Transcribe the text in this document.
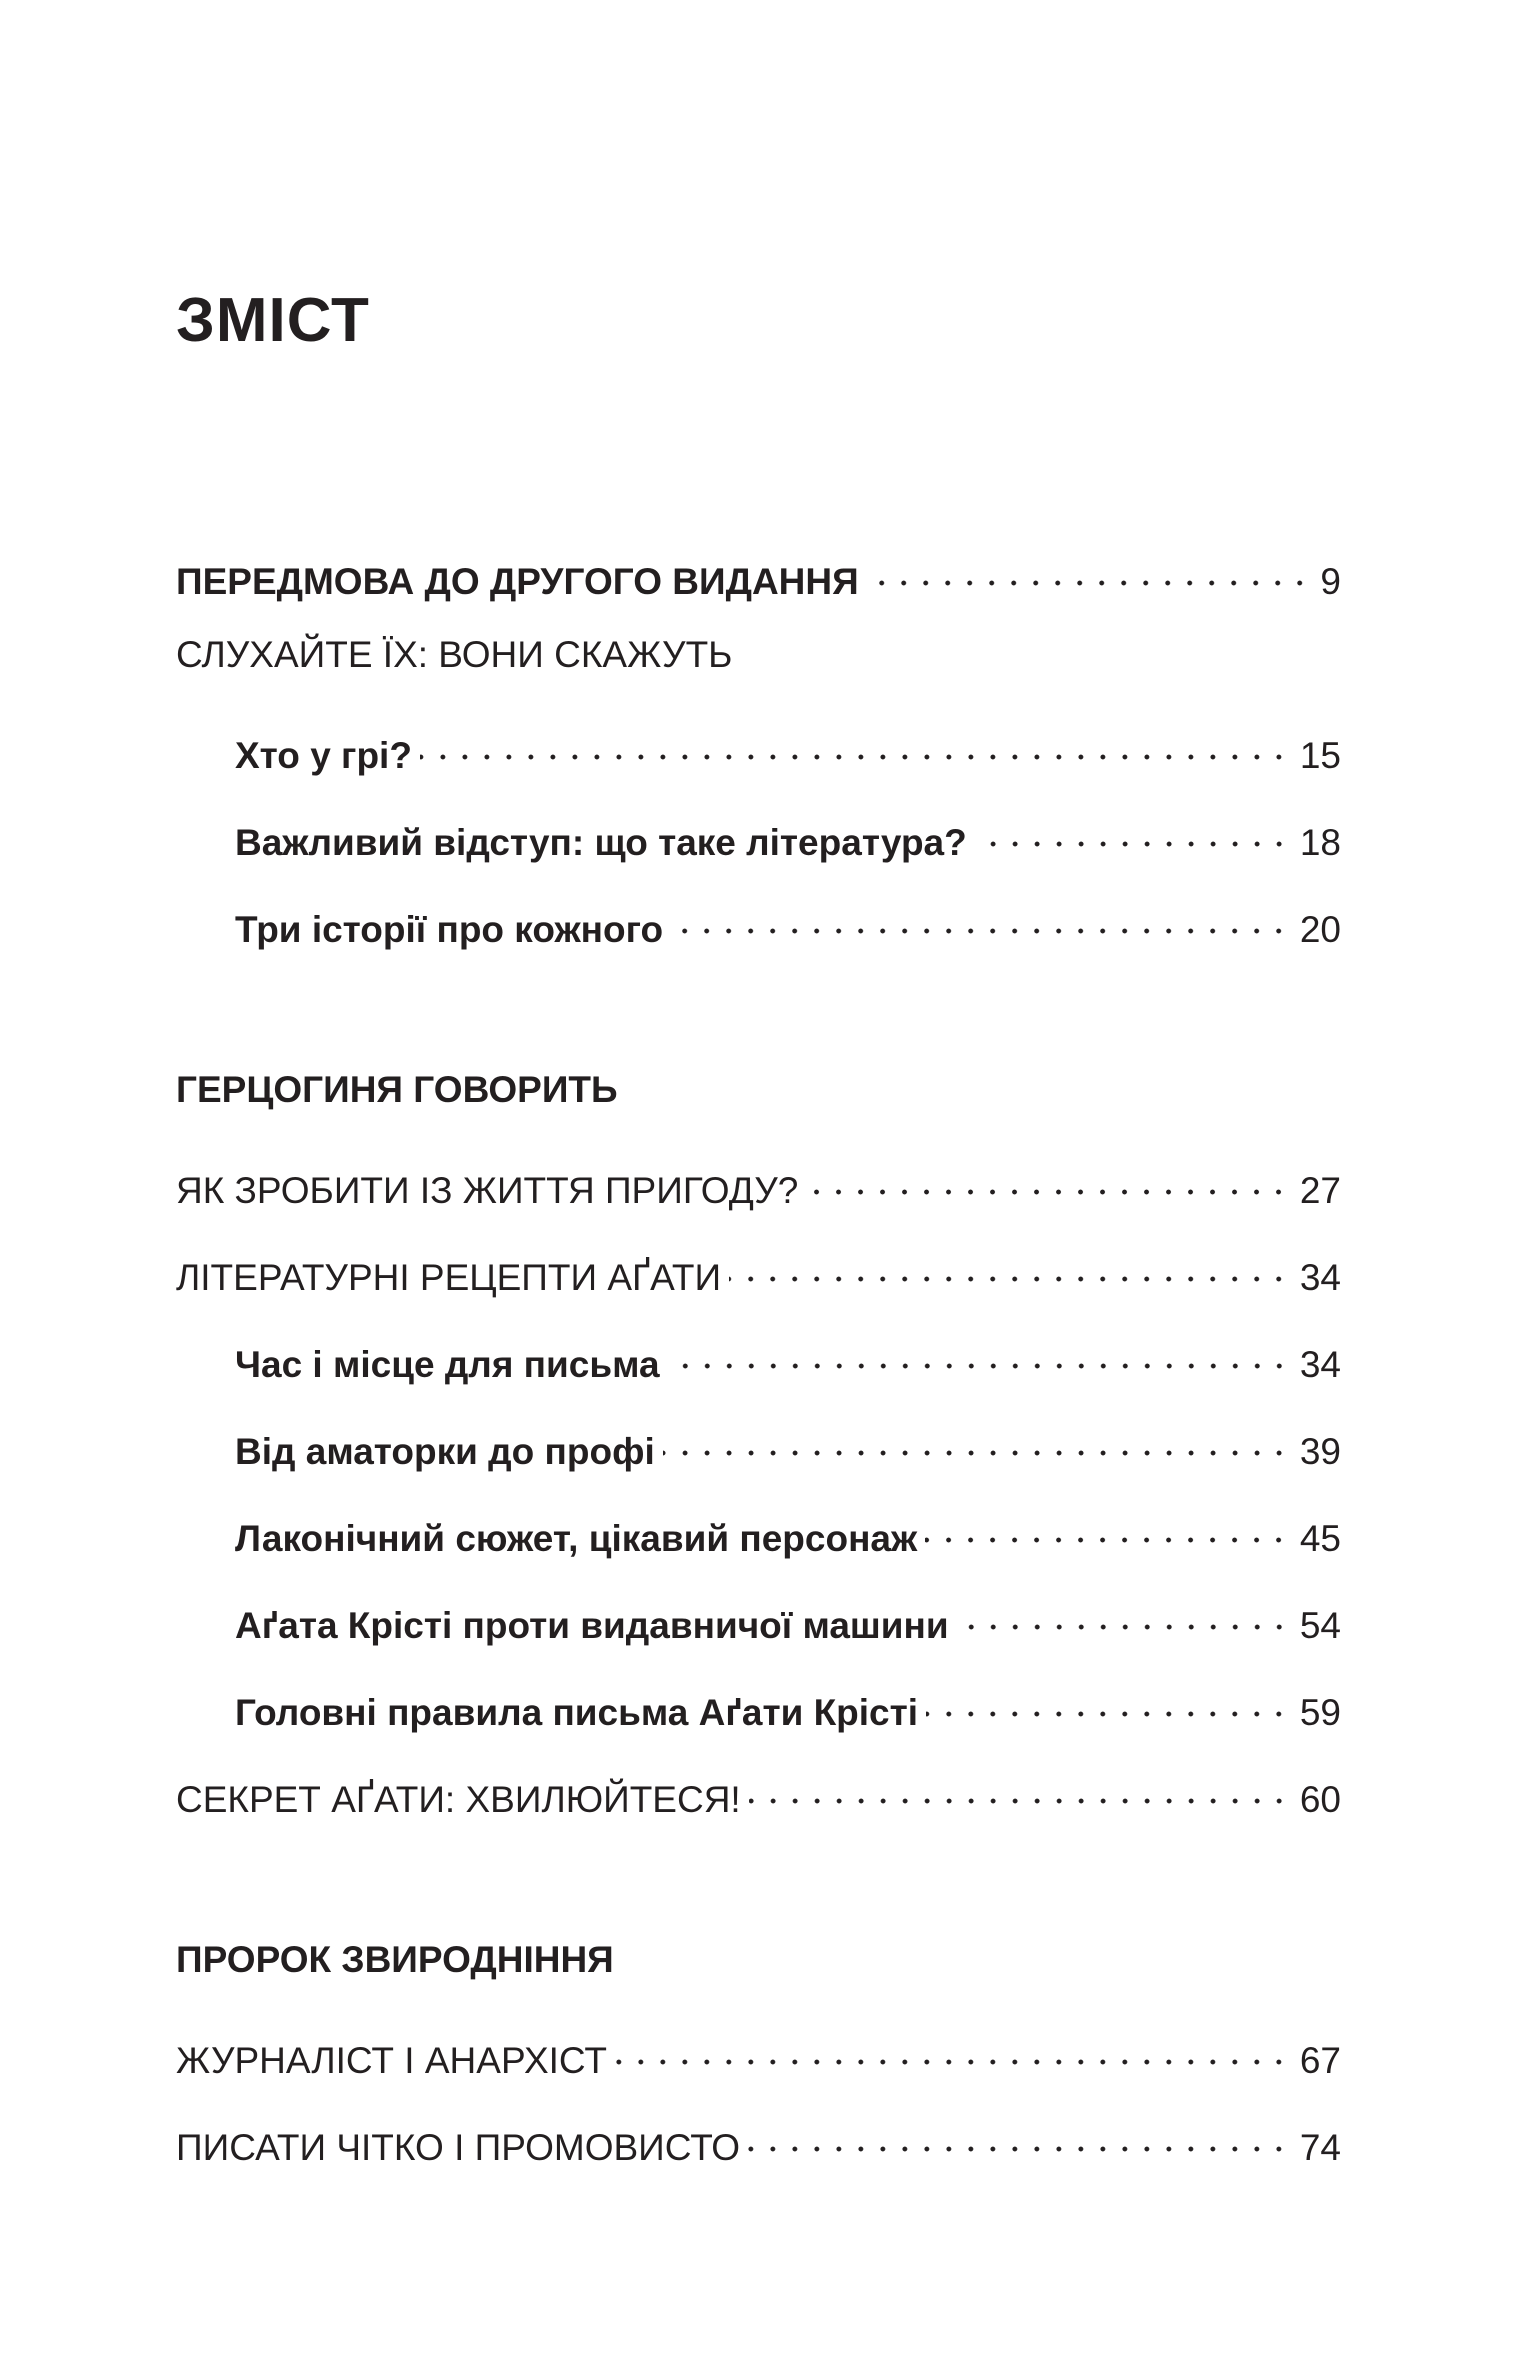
ЗМІСТ
ПЕРЕДМОВА ДО ДРУГОГО ВИДАННЯ	9
СЛУХАЙТЕ ЇХ: ВОНИ СКАЖУТЬ
Хто у грі?	15
Важливий відступ: що таке література?	18
Три історії про кожного	20
ГЕРЦОГИНЯ ГОВОРИТЬ
ЯК ЗРОБИТИ ІЗ ЖИТТЯ ПРИГОДУ?	27
ЛІТЕРАТУРНІ РЕЦЕПТИ АҐАТИ	34
Час і місце для письма	34
Від аматорки до профі	39
Лаконічний сюжет, цікавий персонаж	45
Аґата Крісті проти видавничої машини	54
Головні правила письма Аґати Крісті	59
СЕКРЕТ АҐАТИ: ХВИЛЮЙТЕСЯ!	60
ПРОРОК ЗВИРОДНІННЯ
ЖУРНАЛІСТ І АНАРХІСТ	67
ПИСАТИ ЧІТКО І ПРОМОВИСТО	74
